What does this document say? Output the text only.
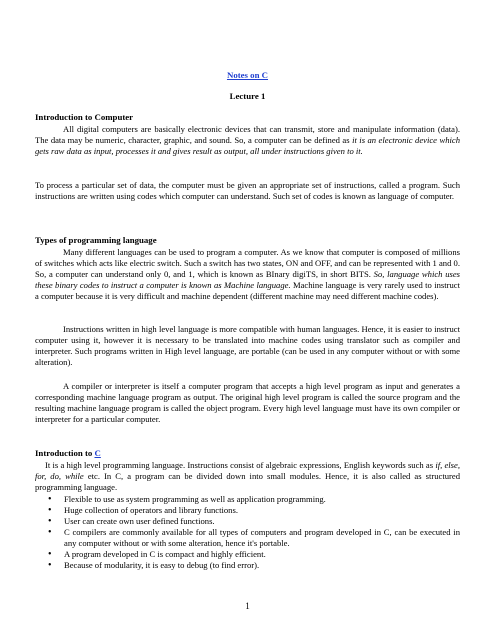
Notes on C
Lecture 1
Introduction to Computer
All digital computers are basically electronic devices that can transmit, store and manipulate information (data). The data may be numeric, character, graphic, and sound. So, a computer can be defined as it is an electronic device which gets raw data as input, processes it and gives result as output, all under instructions given to it.
To process a particular set of data, the computer must be given an appropriate set of instructions, called a program. Such instructions are written using codes which computer can understand. Such set of codes is known as language of computer.
Types of programming language
Many different languages can be used to program a computer. As we know that computer is composed of millions of switches which acts like electric switch. Such a switch has two states, ON and OFF, and can be represented with 1 and 0. So, a computer can understand only 0, and 1, which is known as BInary digiTS, in short BITS. So, language which uses these binary codes to instruct a computer is known as Machine language. Machine language is very rarely used to instruct a computer because it is very difficult and machine dependent (different machine may need different machine codes).
Instructions written in high level language is more compatible with human languages. Hence, it is easier to instruct computer using it, however it is necessary to be translated into machine codes using translator such as compiler and interpreter. Such programs written in High level language, are portable (can be used in any computer without or with some alteration).
A compiler or interpreter is itself a computer program that accepts a high level program as input and generates a corresponding machine language program as output. The original high level program is called the source program and the resulting machine language program is called the object program. Every high level language must have its own compiler or interpreter for a particular computer.
Introduction to C
It is a high level programming language. Instructions consist of algebraic expressions, English keywords such as if, else, for, do, while etc. In C, a program can be divided down into small modules. Hence, it is also called as structured programming language.
• Flexible to use as system programming as well as application programming.
• Huge collection of operators and library functions.
• User can create own user defined functions.
• C compilers are commonly available for all types of computers and program developed in C, can be executed in any computer without or with some alteration, hence it's portable.
• A program developed in C is compact and highly efficient.
• Because of modularity, it is easy to debug (to find error).
1
